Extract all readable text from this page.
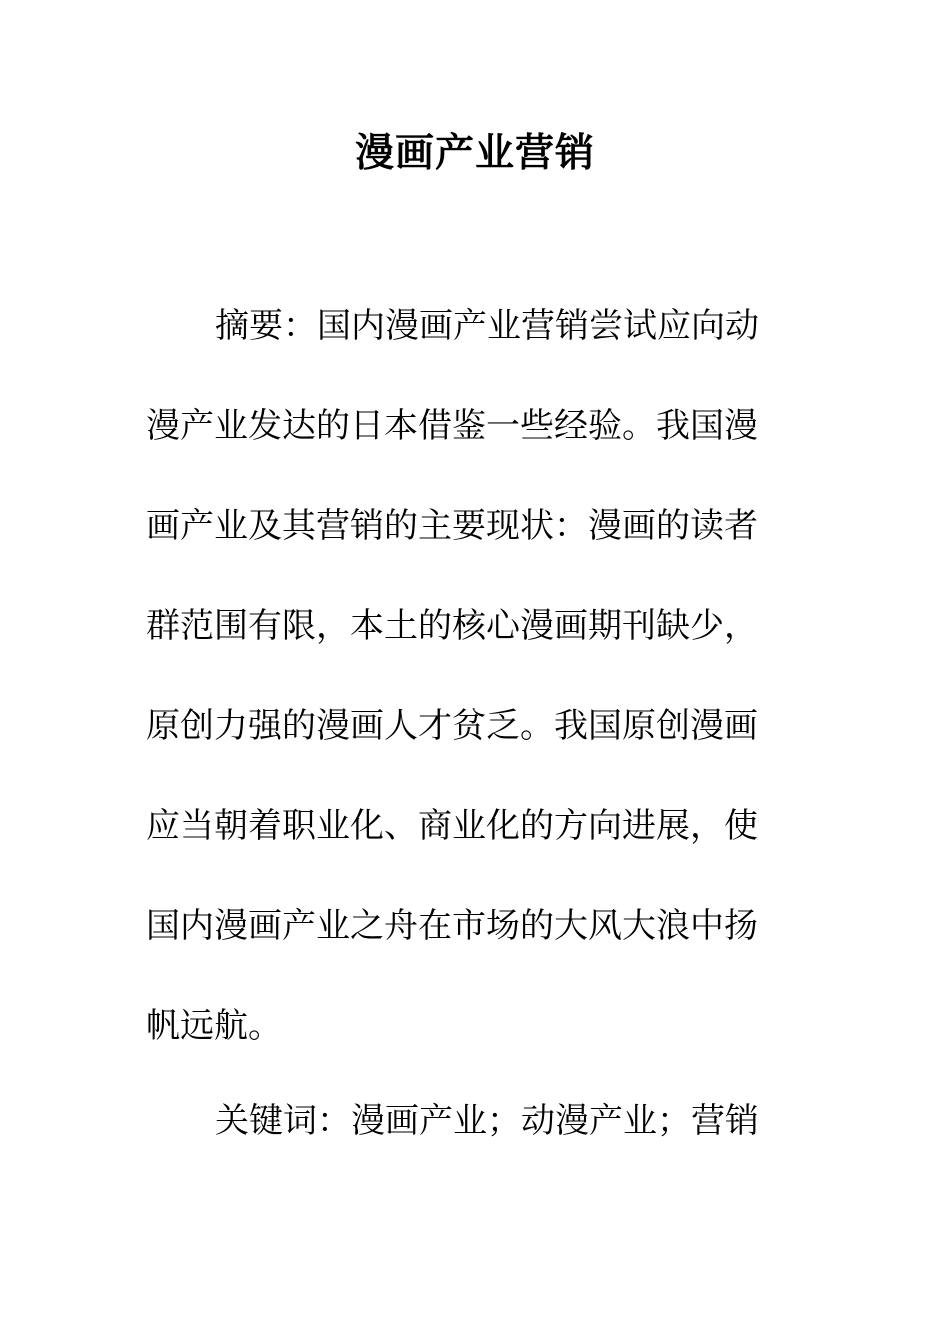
漫画产业营销
摘要：国内漫画产业营销尝试应向动
漫产业发达的日本借鉴一些经验。我国漫
画产业及其营销的主要现状：漫画的读者
群范围有限，本土的核心漫画期刊缺少，
原创力强的漫画人才贫乏。我国原创漫画
应当朝着职业化、商业化的方向进展，使
国内漫画产业之舟在市场的大风大浪中扬
帆远航。
关键词：漫画产业；动漫产业；营销
